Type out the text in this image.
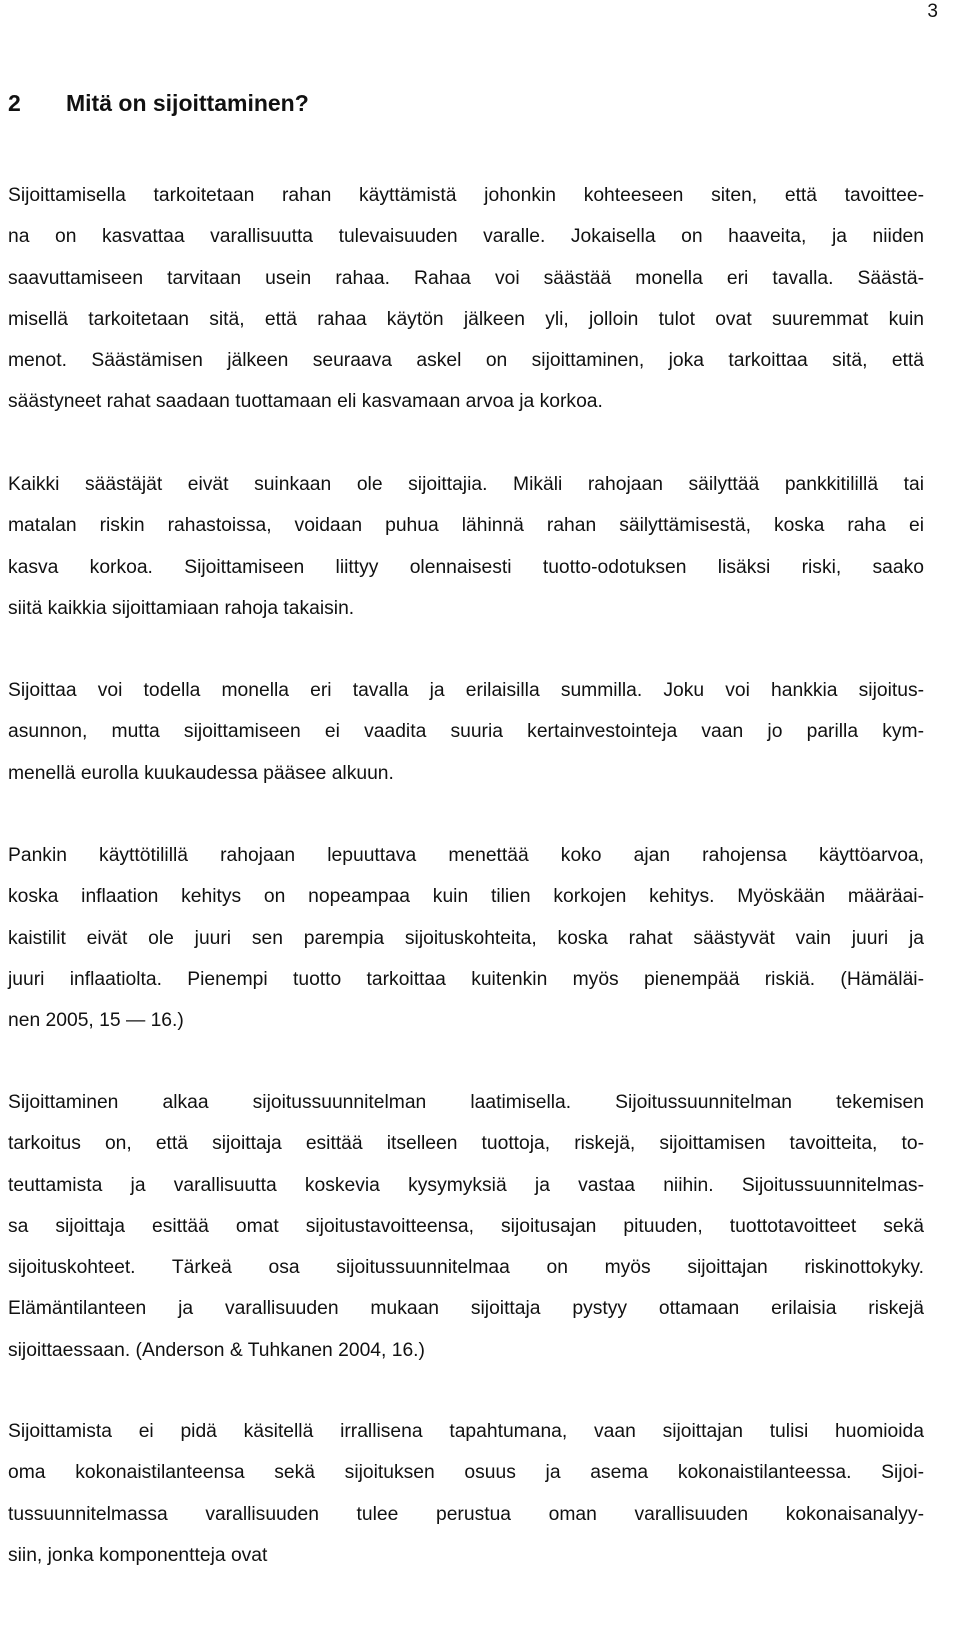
3
2 Mitä on sijoittaminen?
Sijoittamisella tarkoitetaan rahan käyttämistä johonkin kohteeseen siten, että tavoittee-
na on kasvattaa varallisuutta tulevaisuuden varalle. Jokaisella on haaveita, ja niiden
saavuttamiseen tarvitaan usein rahaa. Rahaa voi säästää monella eri tavalla. Säästä-
misellä tarkoitetaan sitä, että rahaa käytön jälkeen yli, jolloin tulot ovat suuremmat kuin
menot. Säästämisen jälkeen seuraava askel on sijoittaminen, joka tarkoittaa sitä, että
säästyneet rahat saadaan tuottamaan eli kasvamaan arvoa ja korkoa.
Kaikki säästäjät eivät suinkaan ole sijoittajia. Mikäli rahojaan säilyttää pankkitilillä tai
matalan riskin rahastoissa, voidaan puhua lähinnä rahan säilyttämisestä, koska raha ei
kasva korkoa. Sijoittamiseen liittyy olennaisesti tuotto-odotuksen lisäksi riski, saako
siitä kaikkia sijoittamiaan rahoja takaisin.
Sijoittaa voi todella monella eri tavalla ja erilaisilla summilla. Joku voi hankkia sijoitus-
asunnon, mutta sijoittamiseen ei vaadita suuria kertainvestointeja vaan jo parilla kym-
menellä eurolla kuukaudessa pääsee alkuun.
Pankin käyttötilillä rahojaan lepuuttava menettää koko ajan rahojensa käyttöarvoa,
koska inflaation kehitys on nopeampaa kuin tilien korkojen kehitys. Myöskään määräai-
kaistilit eivät ole juuri sen parempia sijoituskohteita, koska rahat säästyvät vain juuri ja
juuri inflaatiolta. Pienempi tuotto tarkoittaa kuitenkin myös pienempää riskiä. (Hämäläi-
nen 2005, 15 — 16.)
Sijoittaminen alkaa sijoitussuunnitelman laatimisella. Sijoitussuunnitelman tekemisen
tarkoitus on, että sijoittaja esittää itselleen tuottoja, riskejä, sijoittamisen tavoitteita, to-
teuttamista ja varallisuutta koskevia kysymyksiä ja vastaa niihin. Sijoitussuunnitelmas-
sa sijoittaja esittää omat sijoitustavoitteensa, sijoitusajan pituuden, tuottotavoitteet sekä
sijoituskohteet. Tärkeä osa sijoitussuunnitelmaa on myös sijoittajan riskinottokyky.
Elämäntilanteen ja varallisuuden mukaan sijoittaja pystyy ottamaan erilaisia riskejä
sijoittaessaan. (Anderson & Tuhkanen 2004, 16.)
Sijoittamista ei pidä käsitellä irrallisena tapahtumana, vaan sijoittajan tulisi huomioida
oma kokonaistilanteensa sekä sijoituksen osuus ja asema kokonaistilanteessa. Sijoi-
tussuunnitelmassa varallisuuden tulee perustua oman varallisuuden kokonaisanalyy-
siin, jonka komponentteja ovat
